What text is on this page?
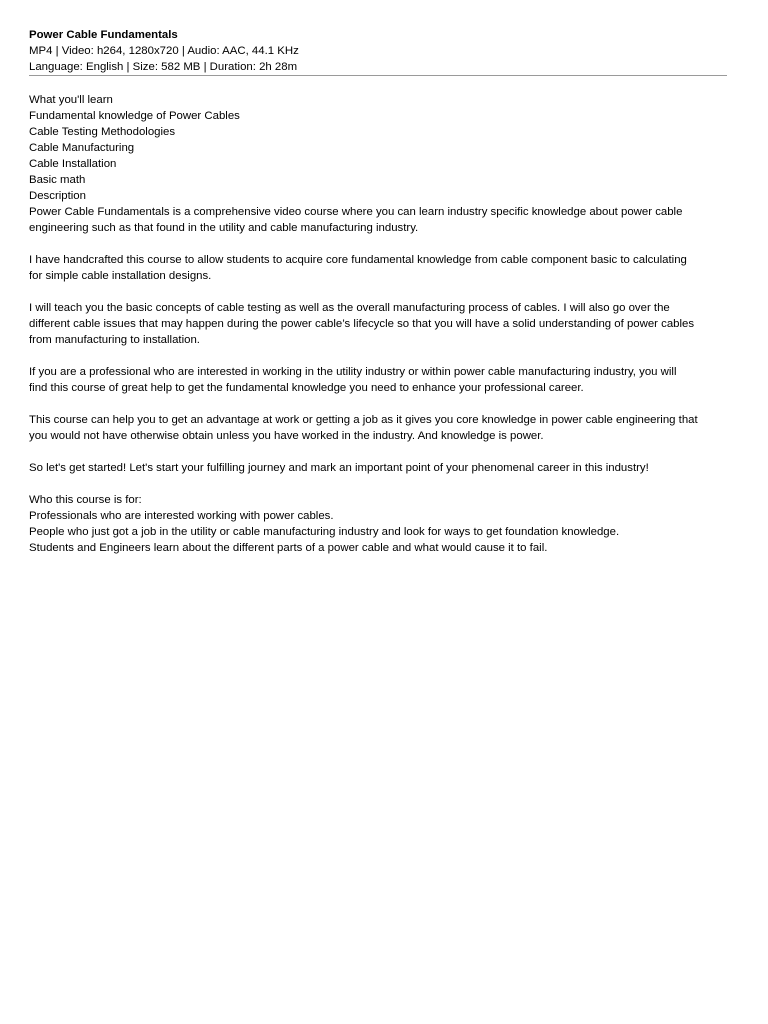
Power Cable Fundamentals

MP4 | Video: h264, 1280x720 | Audio: AAC, 44.1 KHz

Language: English | Size: 582 MB | Duration: 2h 28m

What you'll learn
Fundamental knowledge of Power Cables
Cable Testing Methodologies
Cable Manufacturing
Cable Installation
Basic math
Description
Power Cable Fundamentals is a comprehensive video course where you can learn industry specific knowledge about power cable
engineering such as that found in the utility and cable manufacturing industry.
I have handcrafted this course to allow students to acquire core fundamental knowledge from cable component basic to calculating
for simple cable installation designs.
I will teach you the basic concepts of cable testing as well as the overall manufacturing process of cables. I will also go over the
different cable issues that may happen during the power cable’s lifecycle so that you will have a solid understanding of power cables
from manufacturing to installation.
If you are a professional who are interested in working in the utility industry or within power cable manufacturing industry, you will
find this course of great help to get the fundamental knowledge you need to enhance your professional career.
This course can help you to get an advantage at work or getting a job as it gives you core knowledge in power cable engineering that
you would not have otherwise obtain unless you have worked in the industry. And knowledge is power.
So let's get started! Let's start your fulfilling journey and mark an important point of your phenomenal career in this industry!
Who this course is for:
Professionals who are interested working with power cables.
People who just got a job in the utility or cable manufacturing industry and look for ways to get foundation knowledge.
Students and Engineers learn about the different parts of a power cable and what would cause it to fail.
